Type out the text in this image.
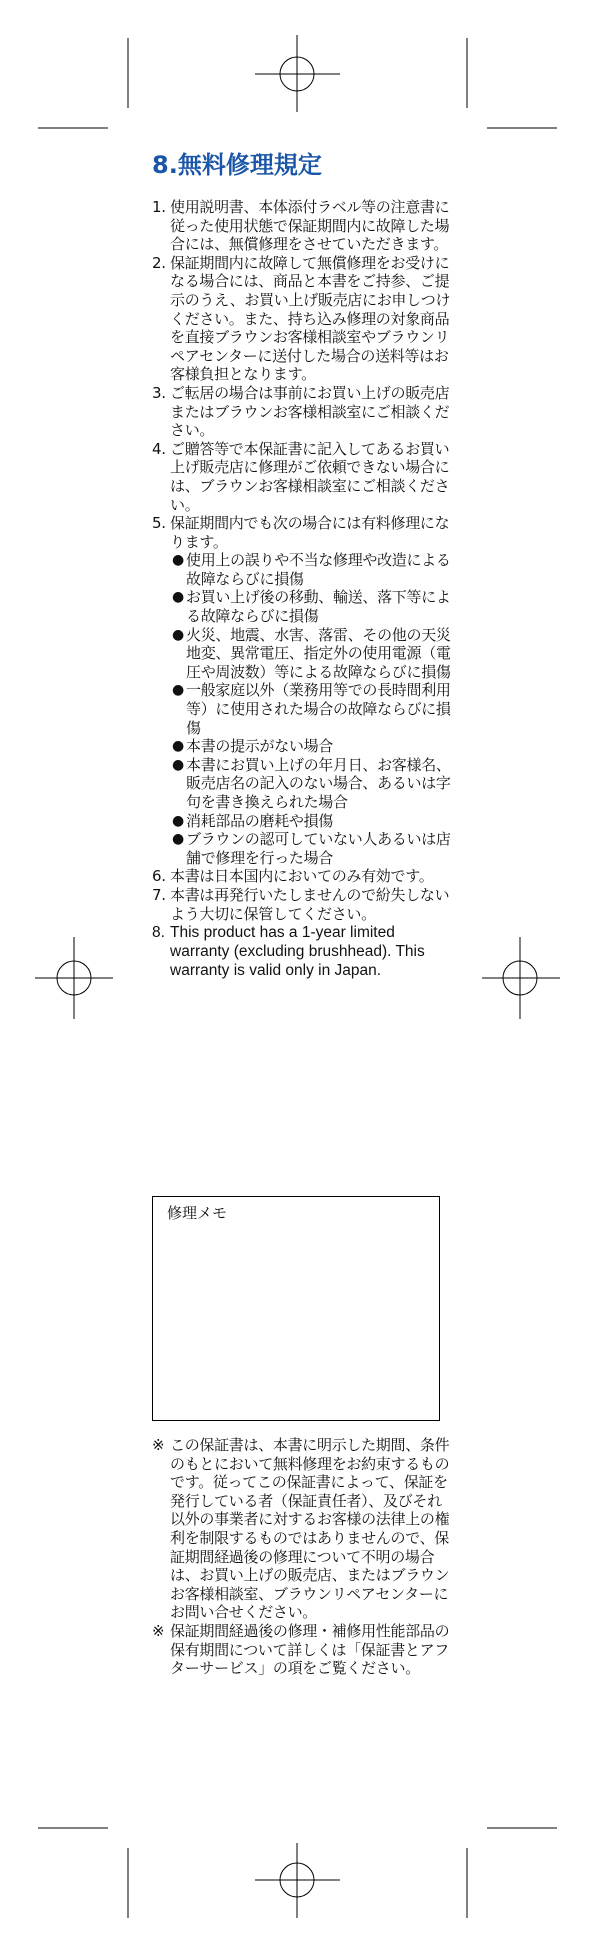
8.無料修理規定
1. 使用説明書、本体添付ラベル等の注意書に従った使用状態で保証期間内に故障した場合には、無償修理をさせていただきます。
2. 保証期間内に故障して無償修理をお受けになる場合には、商品と本書をご持参、ご提示のうえ、お買い上げ販売店にお申しつけください。また、持ち込み修理の対象商品を直接ブラウンお客様相談室やブラウンリペアセンターに送付した場合の送料等はお客様負担となります。
3. ご転居の場合は事前にお買い上げの販売店またはブラウンお客様相談室にご相談ください。
4. ご贈答等で本保証書に記入してあるお買い上げ販売店に修理がご依頼できない場合には、ブラウンお客様相談室にご相談ください。
5. 保証期間内でも次の場合には有料修理になります。
● 使用上の誤りや不当な修理や改造による故障ならびに損傷
● お買い上げ後の移動、輸送、落下等による故障ならびに損傷
● 火災、地震、水害、落雷、その他の天災地変、異常電圧、指定外の使用電源（電圧や周波数）等による故障ならびに損傷
● 一般家庭以外（業務用等での長時間利用等）に使用された場合の故障ならびに損傷
● 本書の提示がない場合
● 本書にお買い上げの年月日、お客様名、販売店名の記入のない場合、あるいは字句を書き換えられた場合
● 消耗部品の磨耗や損傷
● ブラウンの認可していない人あるいは店舗で修理を行った場合
6. 本書は日本国内においてのみ有効です。
7. 本書は再発行いたしませんので紛失しないよう大切に保管してください。
8. This product has a 1-year limited warranty (excluding brushhead). This warranty is valid only in Japan.
修理メモ
※ この保証書は、本書に明示した期間、条件のもとにおいて無料修理をお約束するものです。従ってこの保証書によって、保証を発行している者（保証責任者）、及びそれ以外の事業者に対するお客様の法律上の権利を制限するものではありませんので、保証期間経過後の修理について不明の場合は、お買い上げの販売店、またはブラウンお客様相談室、ブラウンリペアセンターにお問い合せください。
※ 保証期間経過後の修理・補修用性能部品の保有期間について詳しくは「保証書とアフターサービス」の項をご覧ください。
